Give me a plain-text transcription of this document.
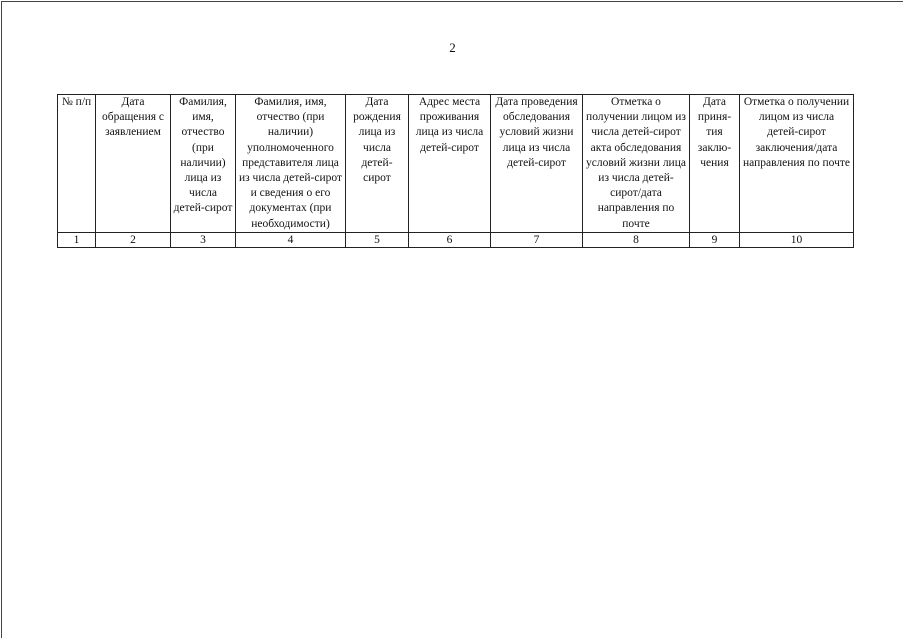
2
№ п/п	Дата обращения с заявлением	Фамилия, имя, отчество (при наличии) лица из числа детей-сирот	Фамилия, имя, отчество (при наличии) уполномоченного представителя лица из числа детей-сирот и сведения о его документах (при необходимости)	Дата рождения лица из числа детей-сирот	Адрес места проживания лица из числа детей-сирот	Дата проведения обследования условий жизни лица из числа детей-сирот	Отметка о получении лицом из числа детей-сирот акта обследования условий жизни лица из числа детей-сирот/дата направления по почте	Дата приня-тия заклю-чения	Отметка о получении лицом из числа детей-сирот заключения/дата направления по почте
1	2	3	4	5	6	7	8	9	10
